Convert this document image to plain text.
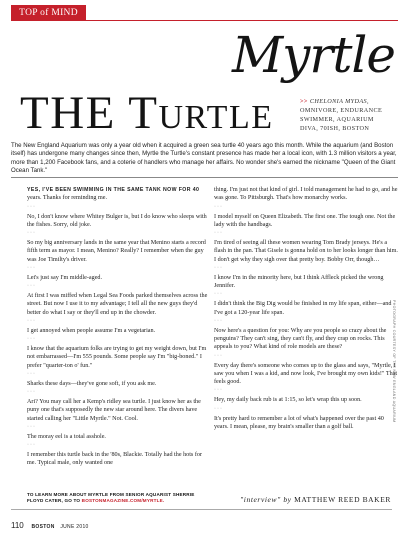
TOP of MIND
Myrtle
THE TURTLE	>> CHELONIA MYDAS,
OMNIVORE, ENDURANCE
SWIMMER, AQUARIUM
DIVA, 70ISH, BOSTON

The New England Aquarium was only a year old when it acquired a green sea turtle 40 years ago this month. While the aquarium (and Boston itself) has undergone many changes since then, Myrtle the Turtle's constant presence has made her a local icon, with 1.3 million visitors a year, more than 1,200 Facebook fans, and a coterie of handlers who manage her affairs. No wonder she's earned the nickname "Queen of the Giant Ocean Tank."

YES, I'VE BEEN SWIMMING IN THE SAME TANK NOW FOR 40 years. Thanks for reminding me.

···

No, I don't know where Whitey Bulger is, but I do know who sleeps with the fishes. Sorry, old joke.

···

So my big anniversary lands in the same year that Menino starts a record fifth term as mayor. I mean, Menino? Really? I remember when the guy was Joe Timilty's driver.

···

Let's just say I'm middle-aged.

···

At first I was miffed when Legal Sea Foods parked themselves across the street. But now I use it to my advantage; I tell all the new guys they'd better do what I say or they'll end up in the chowder.

···

I get annoyed when people assume I'm a vegetarian.

···

I know that the aquarium folks are trying to get my weight down, but I'm not embarrassed—I'm 555 pounds. Some people say I'm "big-boned." I prefer "quarter-ton o' fun."

···

Sharks these days—they've gone soft, if you ask me.

···

Ari? You may call her a Kemp's ridley sea turtle. I just know her as the puny one that's supposedly the new star around here. The divers have started calling her "Little Myrtle." Not. Cool.

···

The moray eel is a total asshole.

···

I remember this turtle back in the '80s, Blackie. Totally had the hots for me. Typical male, only wanted one

thing. I'm just not that kind of girl. I told management he had to go, and he was gone. To Pittsburgh. That's how monarchy works.

···

I model myself on Queen Elizabeth. The first one. The tough one. Not the lady with the handbags.

···

I'm tired of seeing all these women wearing Tom Brady jerseys. He's a flash in the pan. That Gisele is gonna hold on to her looks longer than him. I don't get why they sigh over that pretty boy. Bobby Orr, though…

···

I know I'm in the minority here, but I think Affleck picked the wrong Jennifer.

···

I didn't think the Big Dig would be finished in my life span, either—and I've got a 120-year life span.

···

Now here's a question for you: Why are you people so crazy about the penguins? They can't sing, they can't fly, and they crap on rocks. This appeals to you? What kind of role models are these?

···

Every day there's someone who comes up to the glass and says, "Myrtle, I saw you when I was a kid, and now look, I've brought my own kids!" That feels good.

···

Hey, my daily back rub is at 1:15, so let's wrap this up soon.

···

It's pretty hard to remember a lot of what's happened over the past 40 years. I mean, please, my brain's smaller than a golf ball.

PHOTOGRAPH COURTESY OF THE NEW ENGLAND AQUARIUM
TO LEARN MORE ABOUT MYRTLE FROM SENIOR AQUARIST SHERRIE FLOYD CATER, GO TO BOSTONMAGAZINE.COM/MYRTLE.	"interview" by MATTHEW REED BAKER
110 BOSTON JUNE 2010
